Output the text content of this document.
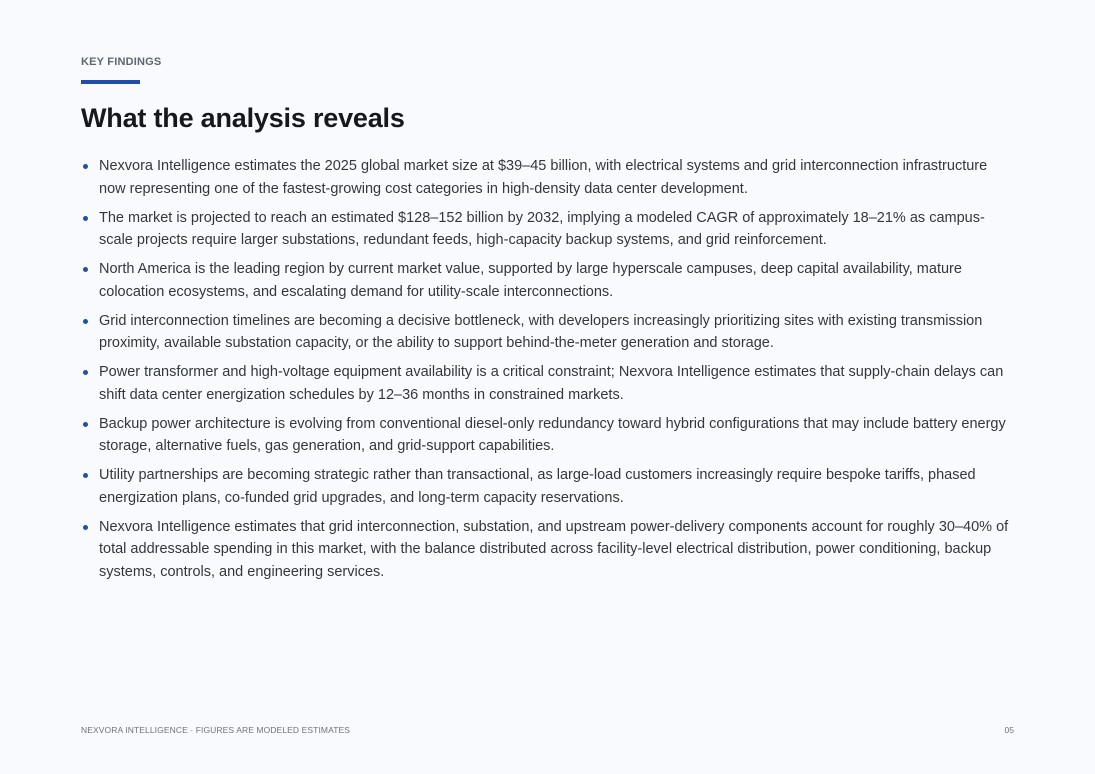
KEY FINDINGS
What the analysis reveals
Nexvora Intelligence estimates the 2025 global market size at $39–45 billion, with electrical systems and grid interconnection infrastructure now representing one of the fastest-growing cost categories in high-density data center development.
The market is projected to reach an estimated $128–152 billion by 2032, implying a modeled CAGR of approximately 18–21% as campus-scale projects require larger substations, redundant feeds, high-capacity backup systems, and grid reinforcement.
North America is the leading region by current market value, supported by large hyperscale campuses, deep capital availability, mature colocation ecosystems, and escalating demand for utility-scale interconnections.
Grid interconnection timelines are becoming a decisive bottleneck, with developers increasingly prioritizing sites with existing transmission proximity, available substation capacity, or the ability to support behind-the-meter generation and storage.
Power transformer and high-voltage equipment availability is a critical constraint; Nexvora Intelligence estimates that supply-chain delays can shift data center energization schedules by 12–36 months in constrained markets.
Backup power architecture is evolving from conventional diesel-only redundancy toward hybrid configurations that may include battery energy storage, alternative fuels, gas generation, and grid-support capabilities.
Utility partnerships are becoming strategic rather than transactional, as large-load customers increasingly require bespoke tariffs, phased energization plans, co-funded grid upgrades, and long-term capacity reservations.
Nexvora Intelligence estimates that grid interconnection, substation, and upstream power-delivery components account for roughly 30–40% of total addressable spending in this market, with the balance distributed across facility-level electrical distribution, power conditioning, backup systems, controls, and engineering services.
NEXVORA INTELLIGENCE · FIGURES ARE MODELED ESTIMATES	05
